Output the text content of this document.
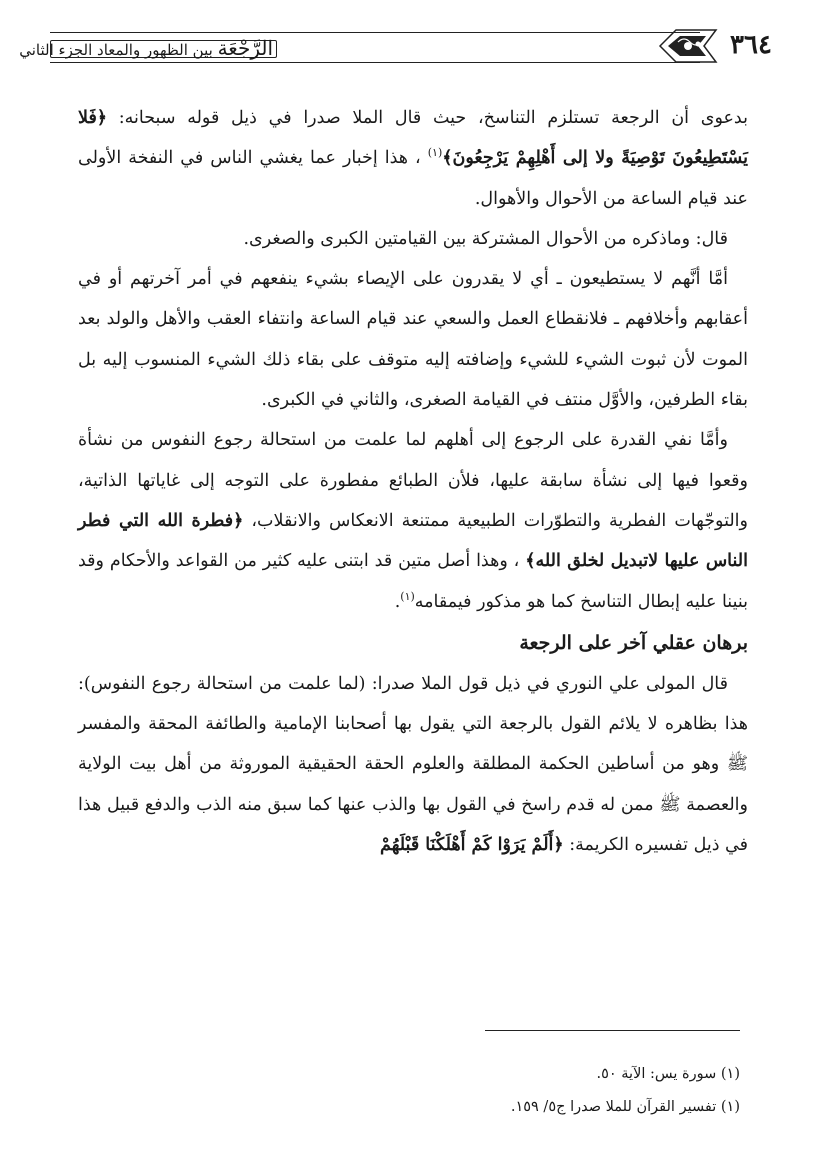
الرَّجْعَة بين الظهور والمعاد الجزء الثاني	٣٦٤

بدعوى أن الرجعة تستلزم التناسخ، حيث قال الملا صدرا في ذيل قوله سبحانه: ﴿فَلا يَسْتَطِيعُونَ تَوْصِيَةً ولا إلى أَهْلِهِمْ يَرْجِعُونَ﴾$^{(١)}$ ، هذا إخبار عما يغشي الناس في النفخة الأولى عند قيام الساعة من الأحوال والأهوال.

قال: وماذكره من الأحوال المشتركة بين القيامتين الكبرى والصغرى.

أمَّا أنَّهم لا يستطيعون ـ أي لا يقدرون على الإيصاء بشيء ينفعهم في أمر آخرتهم أو في أعقابهم وأخلافهم ـ فلانقطاع العمل والسعي عند قيام الساعة وانتفاء العقب والأهل والولد بعد الموت لأن ثبوت الشيء للشيء وإضافته إليه متوقف على بقاء ذلك الشيء المنسوب إليه بل بقاء الطرفين، والأوَّل منتف في القيامة الصغرى، والثاني في الكبرى.

وأمَّا نفي القدرة على الرجوع إلى أهلهم لما علمت من استحالة رجوع النفوس من نشأة وقعوا فيها إلى نشأة سابقة عليها، فلأن الطبائع مفطورة على التوجه إلى غاياتها الذاتية، والتوجّهات الفطرية والتطوّرات الطبيعية ممتنعة الانعكاس والانقلاب، ﴿فطرة الله التي فطر الناس عليها لاتبديل لخلق الله﴾ ، وهذا أصل متين قد ابتنى عليه كثير من القواعد والأحكام وقد بنينا عليه إبطال التناسخ كما هو مذكور فيمقامه$^{(١)}$.

برهان عقلي آخر على الرجعة

قال المولى علي النوري في ذيل قول الملا صدرا: (لما علمت من استحالة رجوع النفوس): هذا بظاهره لا يلائم القول بالرجعة التي يقول بها أصحابنا الإمامية والطائفة المحقة والمفسر ﷺ وهو من أساطين الحكمة المطلقة والعلوم الحقة الحقيقية الموروثة من أهل بيت الولاية والعصمة ﷺ ممن له قدم راسخ في القول بها والذب عنها كما سبق منه الذب والدفع قبيل هذا في ذيل تفسيره الكريمة: ﴿أَلَمْ يَرَوْا كَمْ أَهْلَكْنَا قَبْلَهُمْ

(١) سورة يس: الآية ٥٠.
(١) تفسير القرآن للملا صدرا ج٥/ ١٥٩.
